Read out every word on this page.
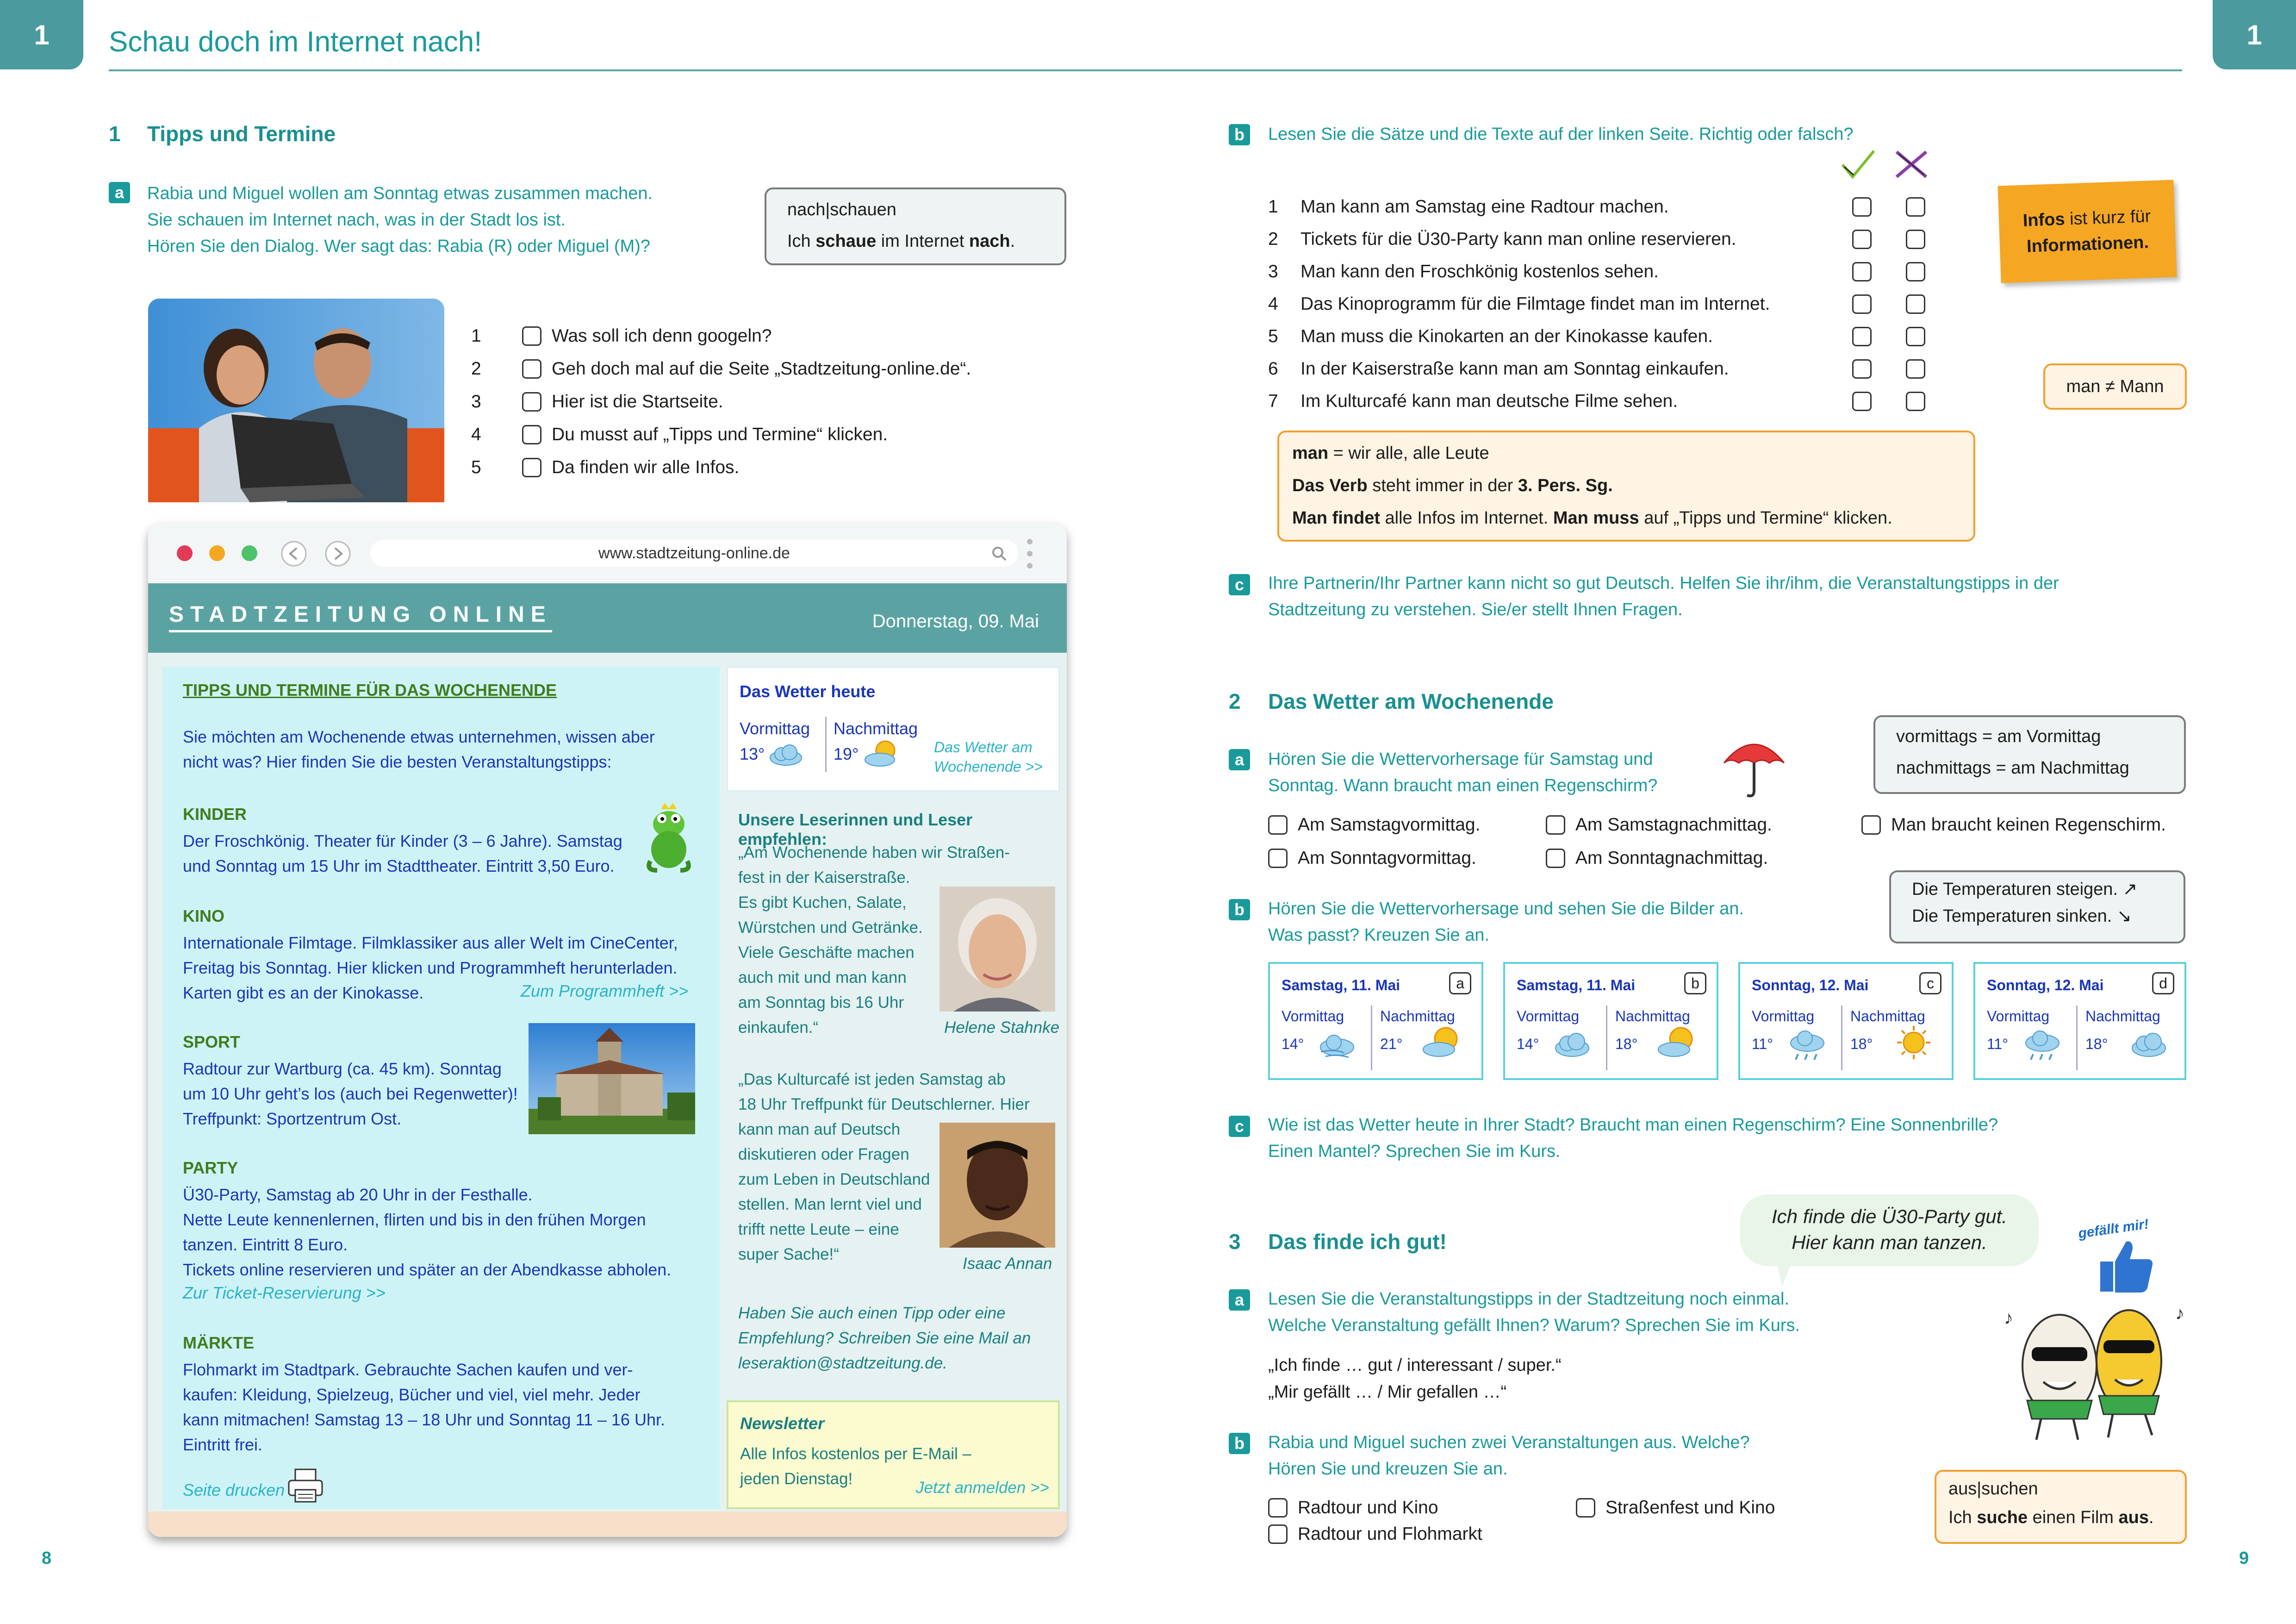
1	1
Schau doch im Internet nach!
1 Tipps und Termine
a	Rabia und Miguel wollen am Sonntag etwas zusammen machen.
Sie schauen im Internet nach, was in der Stadt los ist.
Hören Sie den Dialog. Wer sagt das: Rabia (R) oder Miguel (M)?
nach|schauen
Ich schaue im Internet nach.
1	Was soll ich denn googeln?
2	Geh doch mal auf die Seite „Stadtzeitung-online.de“.
3	Hier ist die Startseite.
4	Du musst auf „Tipps und Termine“ klicken.
5	Da finden wir alle Infos.
www.stadtzeitung-online.de
STADTZEITUNG ONLINE	Donnerstag, 09. Mai
TIPPS UND TERMINE FÜR DAS WOCHENENDE
Sie möchten am Wochenende etwas unternehmen, wissen aber
nicht was? Hier finden Sie die besten Veranstaltungstipps:
KINDER
Der Froschkönig. Theater für Kinder (3 – 6 Jahre). Samstag
und Sonntag um 15 Uhr im Stadttheater. Eintritt 3,50 Euro.
KINO
Internationale Filmtage. Filmklassiker aus aller Welt im CineCenter,
Freitag bis Sonntag. Hier klicken und Programmheft herunterladen.
Karten gibt es an der Kinokasse.	Zum Programmheft >>
SPORT
Radtour zur Wartburg (ca. 45 km). Sonntag
um 10 Uhr geht’s los (auch bei Regenwetter)!
Treffpunkt: Sportzentrum Ost.
PARTY
Ü30-Party, Samstag ab 20 Uhr in der Festhalle.
Nette Leute kennenlernen, flirten und bis in den frühen Morgen
tanzen. Eintritt 8 Euro.
Tickets online reservieren und später an der Abendkasse abholen.
Zur Ticket-Reservierung >>
MÄRKTE
Flohmarkt im Stadtpark. Gebrauchte Sachen kaufen und ver-
kaufen: Kleidung, Spielzeug, Bücher und viel, viel mehr. Jeder
kann mitmachen! Samstag 13 – 18 Uhr und Sonntag 11 – 16 Uhr.
Eintritt frei.
Seite drucken
Das Wetter heute
Vormittag Nachmittag
13°	19°	Das Wetter am
Wochenende >>
Unsere Leserinnen und Leser empfehlen:
„Am Wochenende haben wir Straßen-
fest in der Kaiserstraße.
Es gibt Kuchen, Salate,
Würstchen und Getränke.
Viele Geschäfte machen
auch mit und man kann
am Sonntag bis 16 Uhr
einkaufen.“	Helene Stahnke
„Das Kulturcafé ist jeden Samstag ab
18 Uhr Treffpunkt für Deutschlerner. Hier
kann man auf Deutsch
diskutieren oder Fragen
zum Leben in Deutschland
stellen. Man lernt viel und
trifft nette Leute – eine
super Sache!“
Isaac Annan
Haben Sie auch einen Tipp oder eine
Empfehlung? Schreiben Sie eine Mail an
leseraktion@stadtzeitung.de.
Newsletter
Alle Infos kostenlos per E-Mail –
jeden Dienstag!	Jetzt anmelden >>
8
b	Lesen Sie die Sätze und die Texte auf der linken Seite. Richtig oder falsch?
1	Man kann am Samstag eine Radtour machen.
2	Tickets für die Ü30-Party kann man online reservieren.
3	Man kann den Froschkönig kostenlos sehen.
4	Das Kinoprogramm für die Filmtage findet man im Internet.
5	Man muss die Kinokarten an der Kinokasse kaufen.
6	In der Kaiserstraße kann man am Sonntag einkaufen.
7	Im Kulturcafé kann man deutsche Filme sehen.
Infos ist kurz für
Informationen.
man ≠ Mann
man = wir alle, alle Leute
Das Verb steht immer in der 3. Pers. Sg.
Man findet alle Infos im Internet. Man muss auf „Tipps und Termine“ klicken.
c	Ihre Partnerin/Ihr Partner kann nicht so gut Deutsch. Helfen Sie ihr/ihm, die Veranstaltungstipps in der
Stadtzeitung zu verstehen. Sie/er stellt Ihnen Fragen.
2 Das Wetter am Wochenende
a	Hören Sie die Wettervorhersage für Samstag und
Sonntag. Wann braucht man einen Regenschirm?
vormittags = am Vormittag
nachmittags = am Nachmittag
Am Samstagvormittag.	Am Samstagnachmittag.	Man braucht keinen Regenschirm.
Am Sonntagvormittag.	Am Sonntagnachmittag.
b	Hören Sie die Wettervorhersage und sehen Sie die Bilder an.
Was passt? Kreuzen Sie an.
Die Temperaturen steigen. ↗
Die Temperaturen sinken. ↘
Samstag, 11. Mai	a
Vormittag Nachmittag
14°	21°
Samstag, 11. Mai	b
Vormittag Nachmittag
14°	18°
Sonntag, 12. Mai	c
Vormittag Nachmittag
11°	18°
Sonntag, 12. Mai	d
Vormittag Nachmittag
11°	18°
c	Wie ist das Wetter heute in Ihrer Stadt? Braucht man einen Regenschirm? Eine Sonnenbrille?
Einen Mantel? Sprechen Sie im Kurs.
3 Das finde ich gut!
Ich finde die Ü30-Party gut.
Hier kann man tanzen.
gefällt mir!
♪	♪
a	Lesen Sie die Veranstaltungstipps in der Stadtzeitung noch einmal.
Welche Veranstaltung gefällt Ihnen? Warum? Sprechen Sie im Kurs.
„Ich finde … gut / interessant / super.“
„Mir gefällt … / Mir gefallen …“
b	Rabia und Miguel suchen zwei Veranstaltungen aus. Welche?
Hören Sie und kreuzen Sie an.
Radtour und Kino	Straßenfest und Kino
Radtour und Flohmarkt
aus|suchen
Ich suche einen Film aus.
9
